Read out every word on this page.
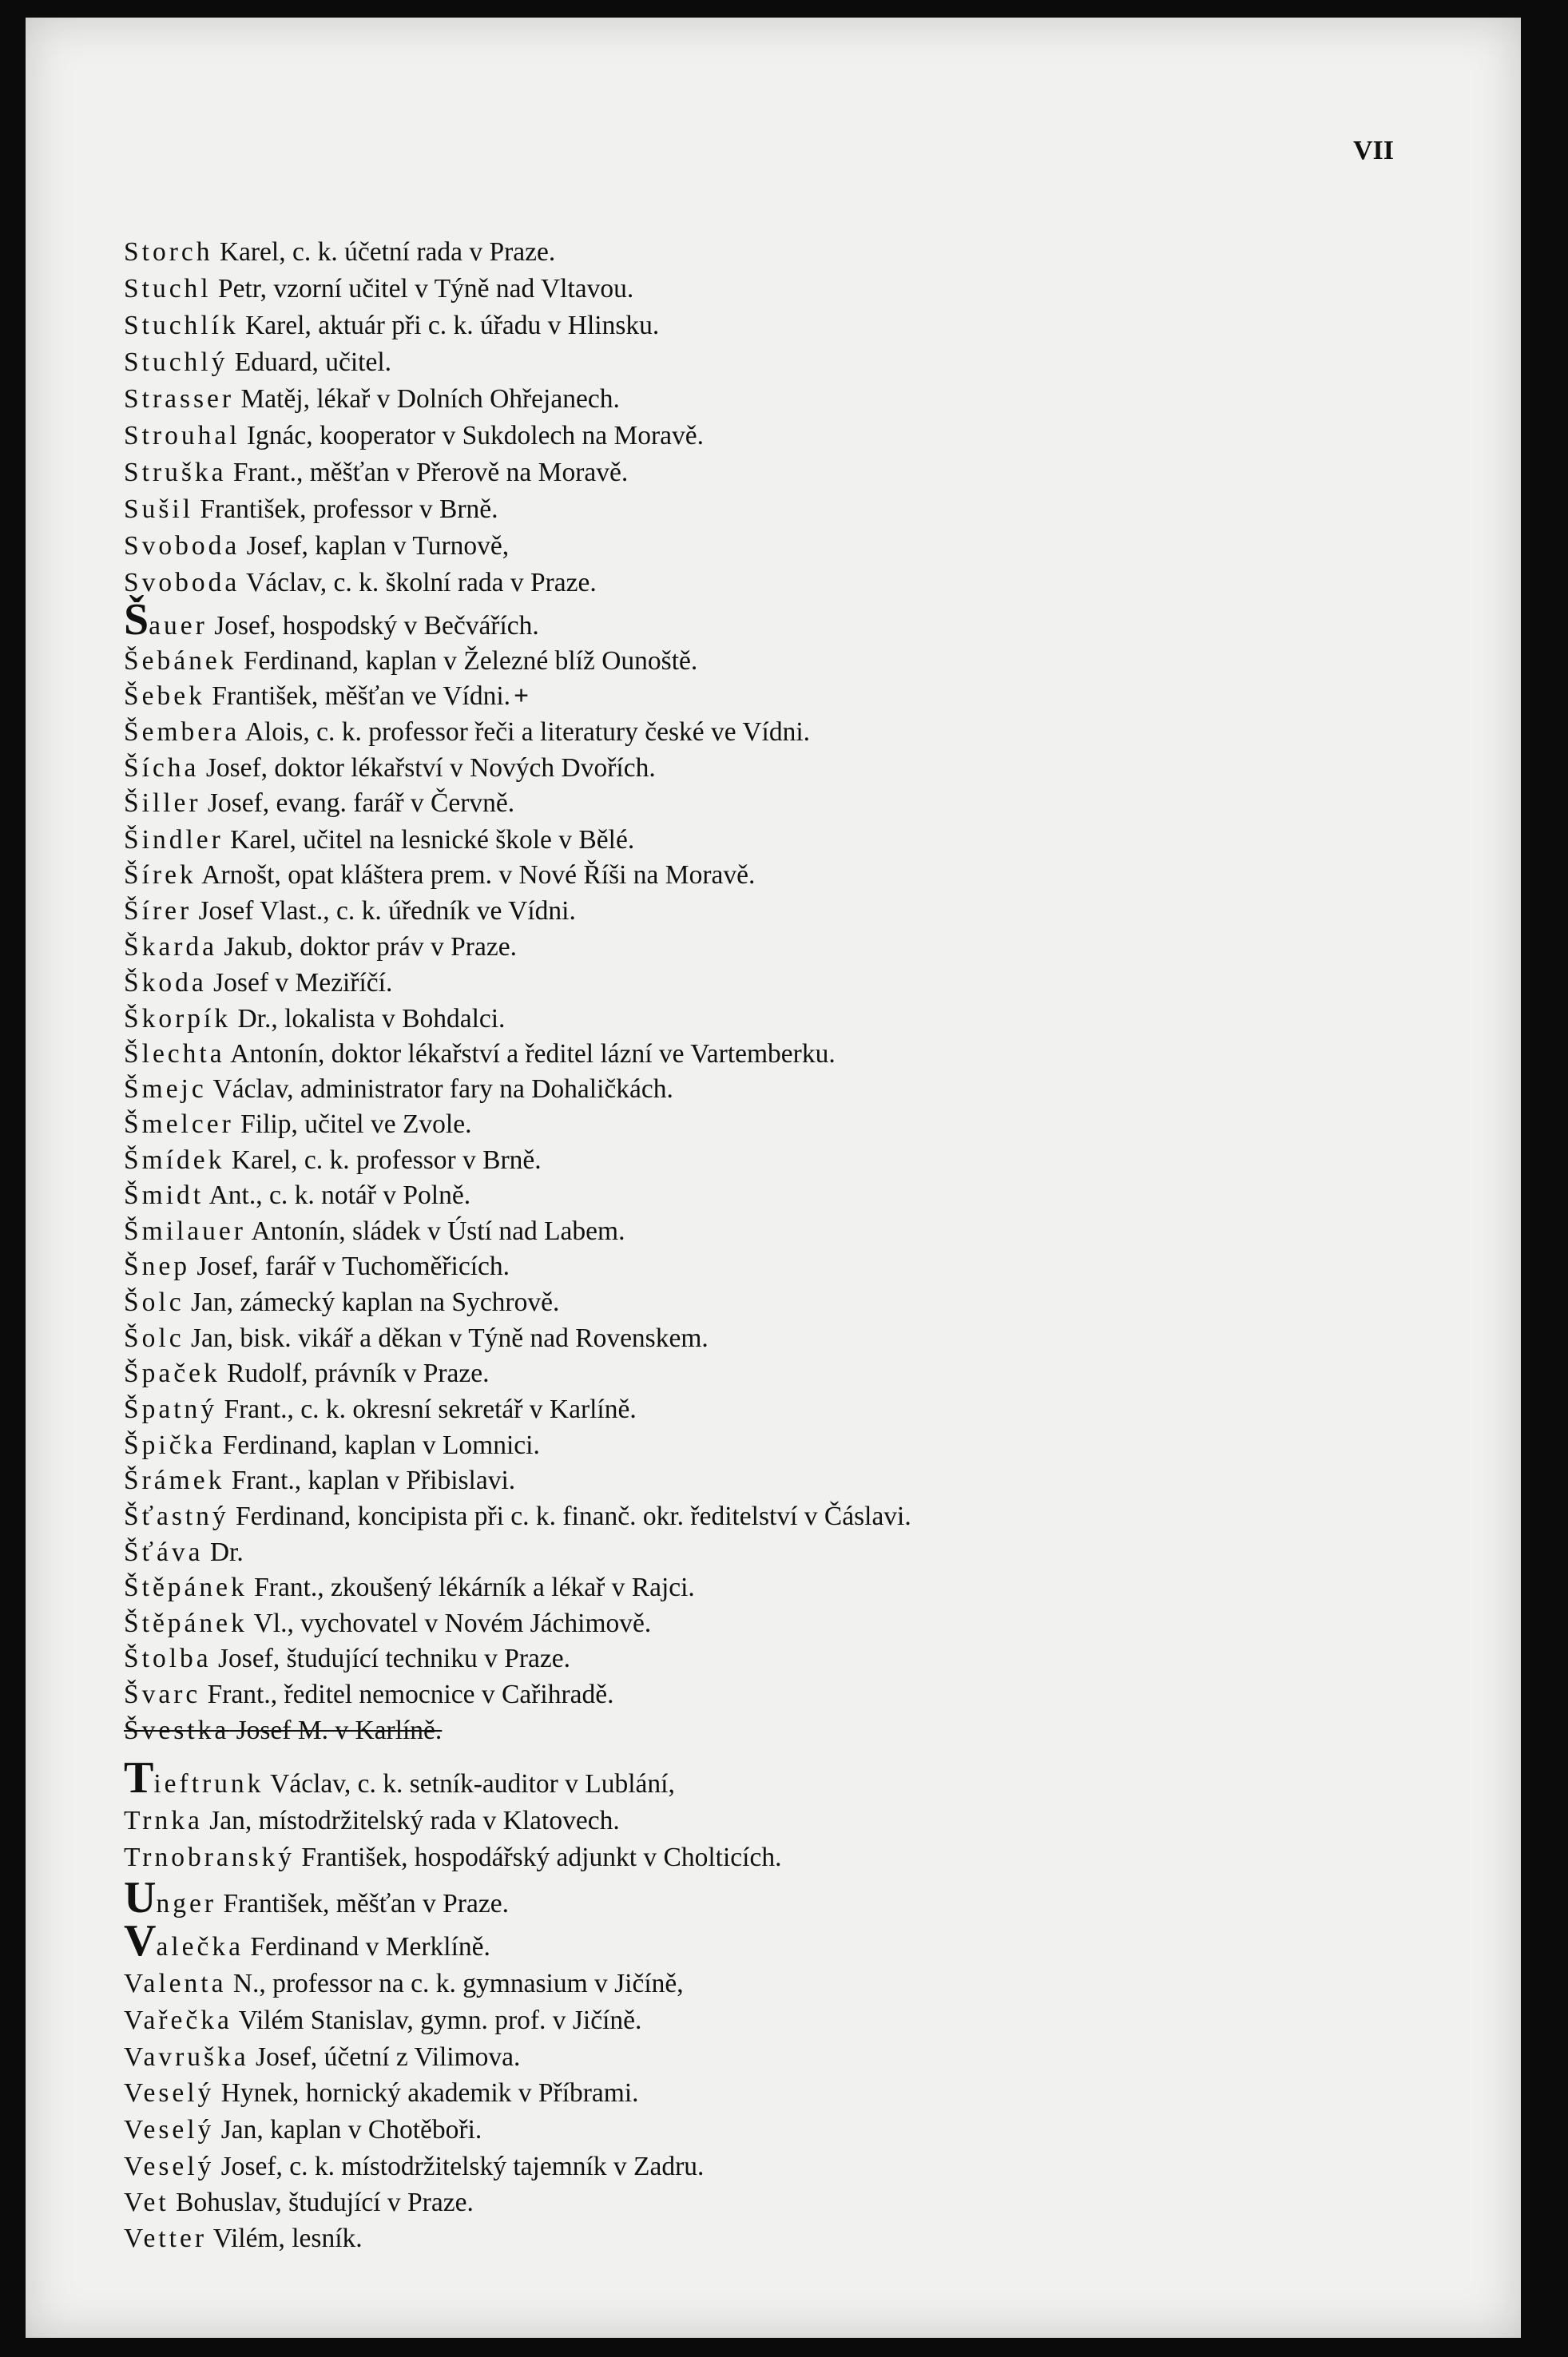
VII

Storch Karel, c. k. účetní rada v Praze.
Stuchl Petr, vzorní učitel v Týně nad Vltavou.
Stuchlík Karel, aktuár při c. k. úřadu v Hlinsku.
Stuchlý Eduard, učitel.
Strasser Matěj, lékař v Dolních Ohřejanech.
Strouhal Ignác, kooperator v Sukdolech na Moravě.
Struška Frant., měšťan v Přerově na Moravě.
Sušil František, professor v Brně.
Svoboda Josef, kaplan v Turnově,
Svoboda Václav, c. k. školní rada v Praze.
Šauer Josef, hospodský v Bečvářích.
Šebánek Ferdinand, kaplan v Železné blíž Ounoště.
Šebek František, měšťan ve Vídni. +
Šembera Alois, c. k. professor řeči a literatury české ve Vídni.
Šícha Josef, doktor lékařství v Nových Dvořích.
Šiller Josef, evang. farář v Červně.
Šindler Karel, učitel na lesnické škole v Bělé.
Šírek Arnošt, opat kláštera prem. v Nové Říši na Moravě.
Šírer Josef Vlast., c. k. úředník ve Vídni.
Škarda Jakub, doktor práv v Praze.
Škoda Josef v Meziříčí.
Škorpík Dr., lokalista v Bohdalci.
Šlechta Antonín, doktor lékařství a ředitel lázní ve Vartemberku.
Šmejc Václav, administrator fary na Dohaličkách.
Šmelcer Filip, učitel ve Zvole.
Šmídek Karel, c. k. professor v Brně.
Šmidt Ant., c. k. notář v Polně.
Šmilauer Antonín, sládek v Ústí nad Labem.
Šnep Josef, farář v Tuchoměřicích.
Šolc Jan, zámecký kaplan na Sychrově.
Šolc Jan, bisk. vikář a děkan v Týně nad Rovenskem.
Špaček Rudolf, právník v Praze.
Špatný Frant., c. k. okresní sekretář v Karlíně.
Špička Ferdinand, kaplan v Lomnici.
Šrámek Frant., kaplan v Přibislavi.
Šťastný Ferdinand, koncipista při c. k. finanč. okr. ředitelství v Čáslavi.
Šťáva Dr.
Štěpánek Frant., zkoušený lékárník a lékař v Rajci.
Štěpánek Vl., vychovatel v Novém Jáchimově.
Štolba Josef, študující techniku v Praze.
Švarc Frant., ředitel nemocnice v Cařihradě.
Švestka Josef M. v Karlíně.
Tieftrunk Václav, c. k. setník-auditor v Lublání,
Trnka Jan, místodržitelský rada v Klatovech.
Trnobranský František, hospodářský adjunkt v Cholticích.
Unger František, měšťan v Praze.
Valečka Ferdinand v Merklíně.
Valenta N., professor na c. k. gymnasium v Jičíně,
Vařečka Vilém Stanislav, gymn. prof. v Jičíně.
Vavruška Josef, účetní z Vilimova.
Veselý Hynek, hornický akademik v Příbrami.
Veselý Jan, kaplan v Chotěboři.
Veselý Josef, c. k. místodržitelský tajemník v Zadru.
Vet Bohuslav, študující v Praze.
Vetter Vilém, lesník.
